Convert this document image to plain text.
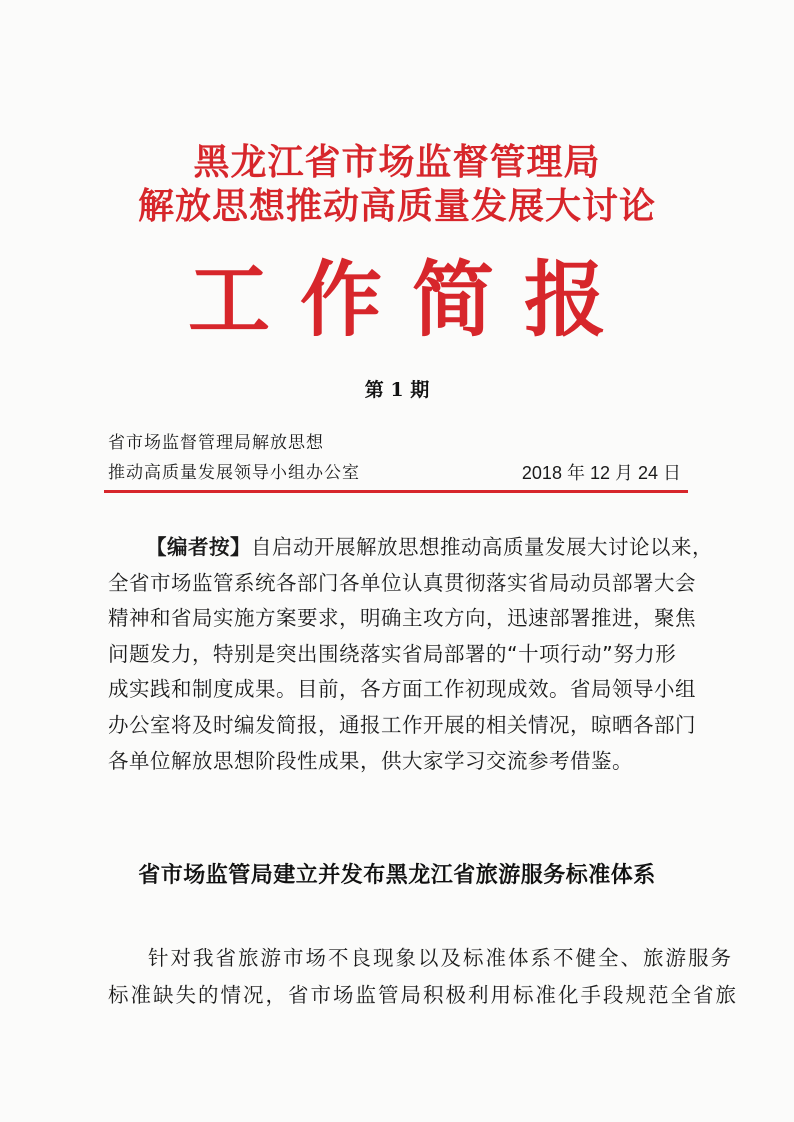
黑龙江省市场监督管理局
解放思想推动高质量发展大讨论
工作简报
第 1 期
省市场监督管理局解放思想
推动高质量发展领导小组办公室	2018 年 12 月 24 日
【编者按】自启动开展解放思想推动高质量发展大讨论以来，
全省市场监管系统各部门各单位认真贯彻落实省局动员部署大会
精神和省局实施方案要求，明确主攻方向，迅速部署推进，聚焦
问题发力，特别是突出围绕落实省局部署的“十项行动”努力形
成实践和制度成果。目前，各方面工作初现成效。省局领导小组
办公室将及时编发简报，通报工作开展的相关情况，晾晒各部门
各单位解放思想阶段性成果，供大家学习交流参考借鉴。
省市场监管局建立并发布黑龙江省旅游服务标准体系
针对我省旅游市场不良现象以及标准体系不健全、旅游服务
标准缺失的情况，省市场监管局积极利用标准化手段规范全省旅
